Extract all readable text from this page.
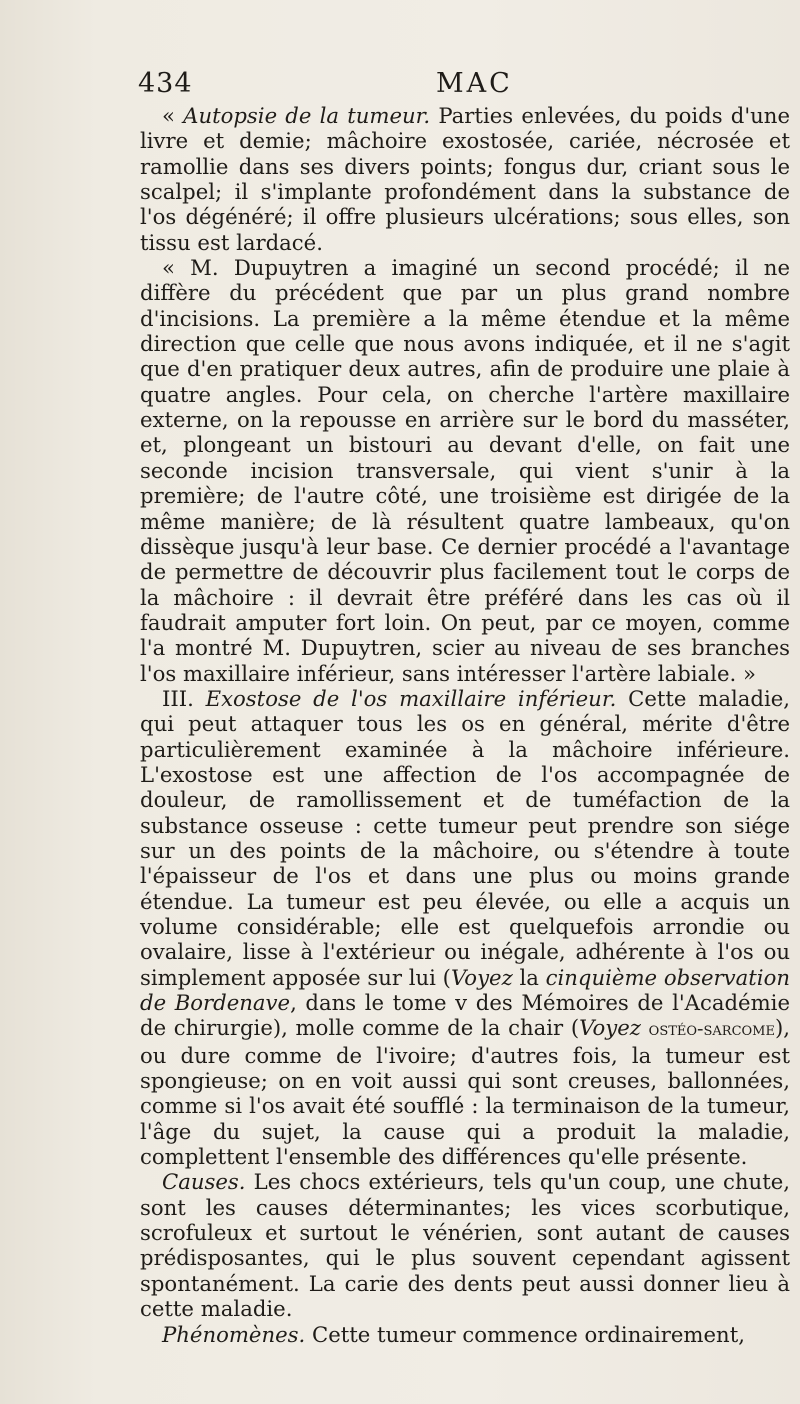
434	MAC

« Autopsie de la tumeur. Parties enlevées, du poids d'une livre et demie; mâchoire exostosée, cariée, nécrosée et ramollie dans ses divers points; fongus dur, criant sous le scalpel; il s'implante profondément dans la substance de l'os dégénéré; il offre plusieurs ulcérations; sous elles, son tissu est lardacé.

« M. Dupuytren a imaginé un second procédé; il ne diffère du précédent que par un plus grand nombre d'incisions. La première a la même étendue et la même direction que celle que nous avons indiquée, et il ne s'agit que d'en pratiquer deux autres, afin de produire une plaie à quatre angles. Pour cela, on cherche l'artère maxillaire externe, on la repousse en arrière sur le bord du masséter, et, plongeant un bistouri au devant d'elle, on fait une seconde incision transversale, qui vient s'unir à la première; de l'autre côté, une troisième est dirigée de la même manière; de là résultent quatre lambeaux, qu'on dissèque jusqu'à leur base. Ce dernier procédé a l'avantage de permettre de découvrir plus facilement tout le corps de la mâchoire : il devrait être préféré dans les cas où il faudrait amputer fort loin. On peut, par ce moyen, comme l'a montré M. Dupuytren, scier au niveau de ses branches l'os maxillaire inférieur, sans intéresser l'artère labiale. »

III. Exostose de l'os maxillaire inférieur. Cette maladie, qui peut attaquer tous les os en général, mérite d'être particulièrement examinée à la mâchoire inférieure. L'exostose est une affection de l'os accompagnée de douleur, de ramollissement et de tuméfaction de la substance osseuse : cette tumeur peut prendre son siége sur un des points de la mâchoire, ou s'étendre à toute l'épaisseur de l'os et dans une plus ou moins grande étendue. La tumeur est peu élevée, ou elle a acquis un volume considérable; elle est quelquefois arrondie ou ovalaire, lisse à l'extérieur ou inégale, adhérente à l'os ou simplement apposée sur lui (Voyez la cinquième observation de Bordenave, dans le tome v des Mémoires de l'Académie de chirurgie), molle comme de la chair (Voyez ostéo-sarcome), ou dure comme de l'ivoire; d'autres fois, la tumeur est spongieuse; on en voit aussi qui sont creuses, ballonnées, comme si l'os avait été soufflé : la terminaison de la tumeur, l'âge du sujet, la cause qui a produit la maladie, complettent l'ensemble des différences qu'elle présente.

Causes. Les chocs extérieurs, tels qu'un coup, une chute, sont les causes déterminantes; les vices scorbutique, scrofuleux et surtout le vénérien, sont autant de causes prédisposantes, qui le plus souvent cependant agissent spontanément. La carie des dents peut aussi donner lieu à cette maladie.

Phénomènes. Cette tumeur commence ordinairement,
